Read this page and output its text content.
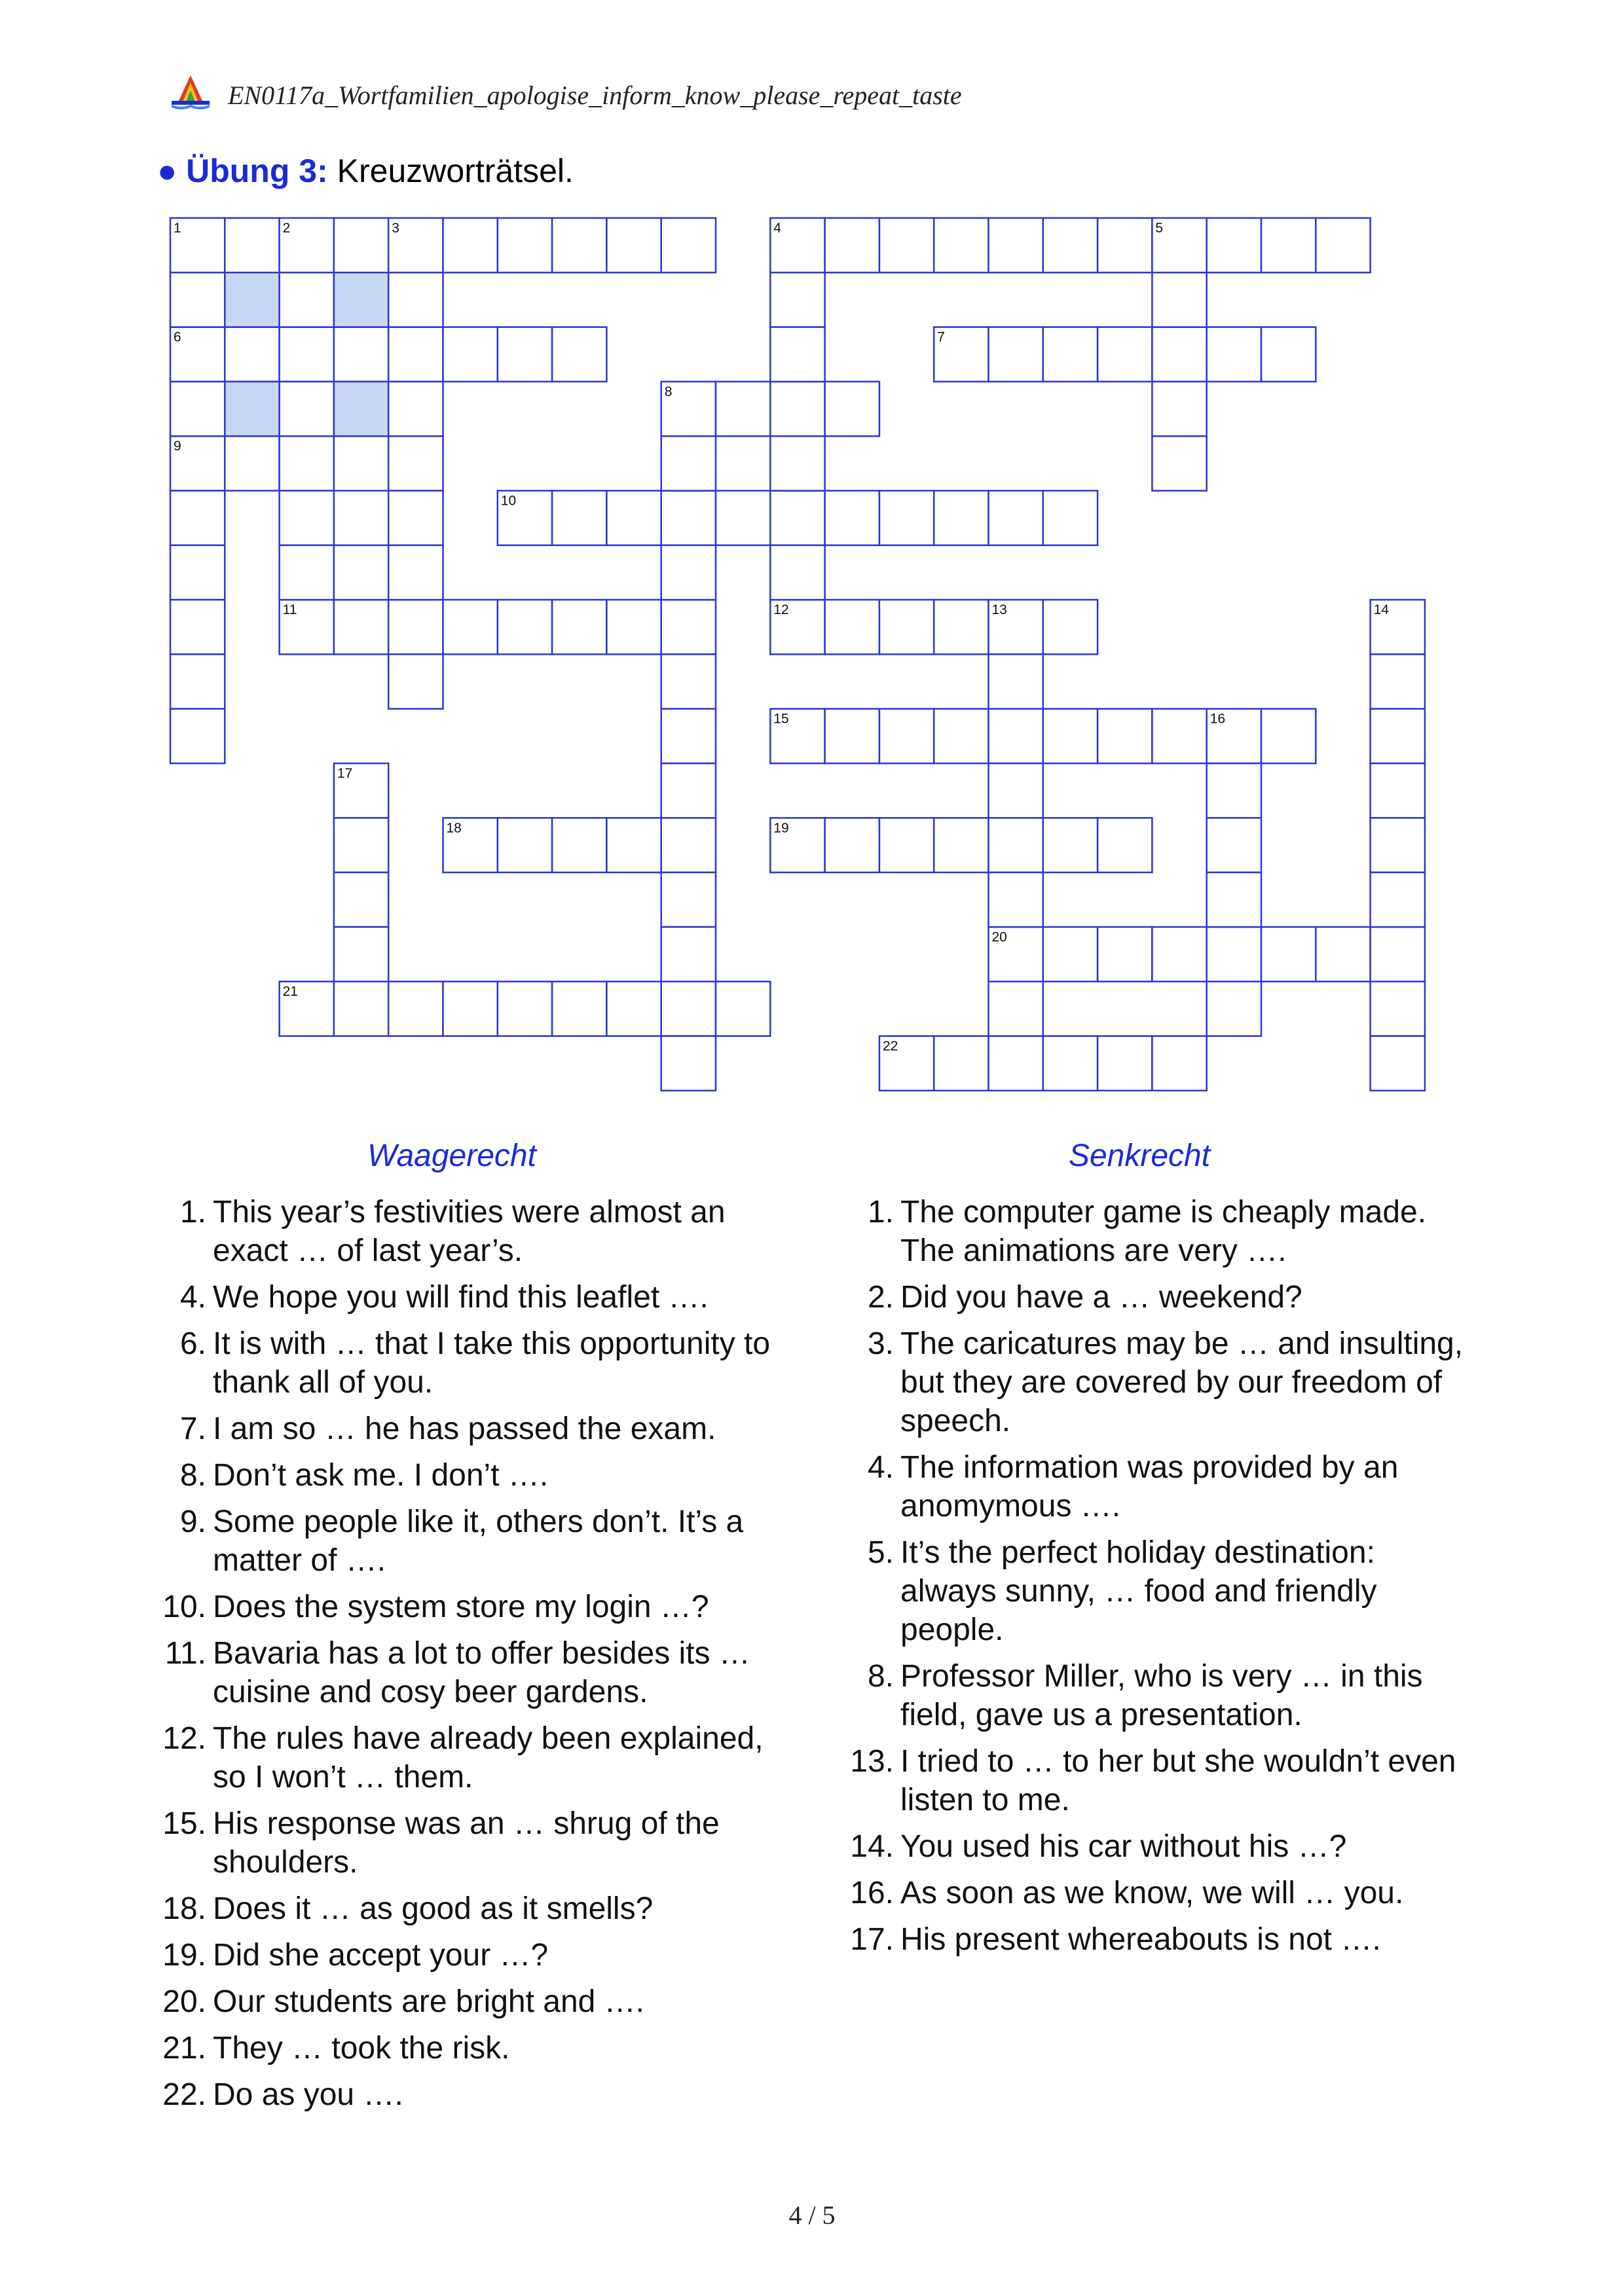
EN0117a_Wortfamilien_apologise_inform_know_please_repeat_taste
● Übung 3: Kreuzworträtsel.
1	4
6	7
8
9
10
11	12
15
18	19
20
21
22
2	3	5
13	14
16
17
Waagerecht	Senkrecht
1. This year’s festivities were almost an exact … of last year’s.
4. We hope you will find this leaflet ….
6. It is with … that I take this opportunity to thank all of you.
7. I am so … he has passed the exam.
8. Don’t ask me. I don’t ….
9. Some people like it, others don’t. It’s a matter of ….
10. Does the system store my login …?
11. Bavaria has a lot to offer besides its … cuisine and cosy beer gardens.
12. The rules have already been explained, so I won’t … them.
15. His response was an … shrug of the shoulders.
18. Does it … as good as it smells?
19. Did she accept your …?
20. Our students are bright and ….
21. They … took the risk.
22. Do as you ….
1. The computer game is cheaply made. The animations are very ….
2. Did you have a … weekend?
3. The caricatures may be … and insulting, but they are covered by our freedom of speech.
4. The information was provided by an anomymous ….
5. It’s the perfect holiday destination: always sunny, … food and friendly people.
8. Professor Miller, who is very … in this field, gave us a presentation.
13. I tried to … to her but she wouldn’t even listen to me.
14. You used his car without his …?
16. As soon as we know, we will … you.
17. His present whereabouts is not ….
4 / 5
